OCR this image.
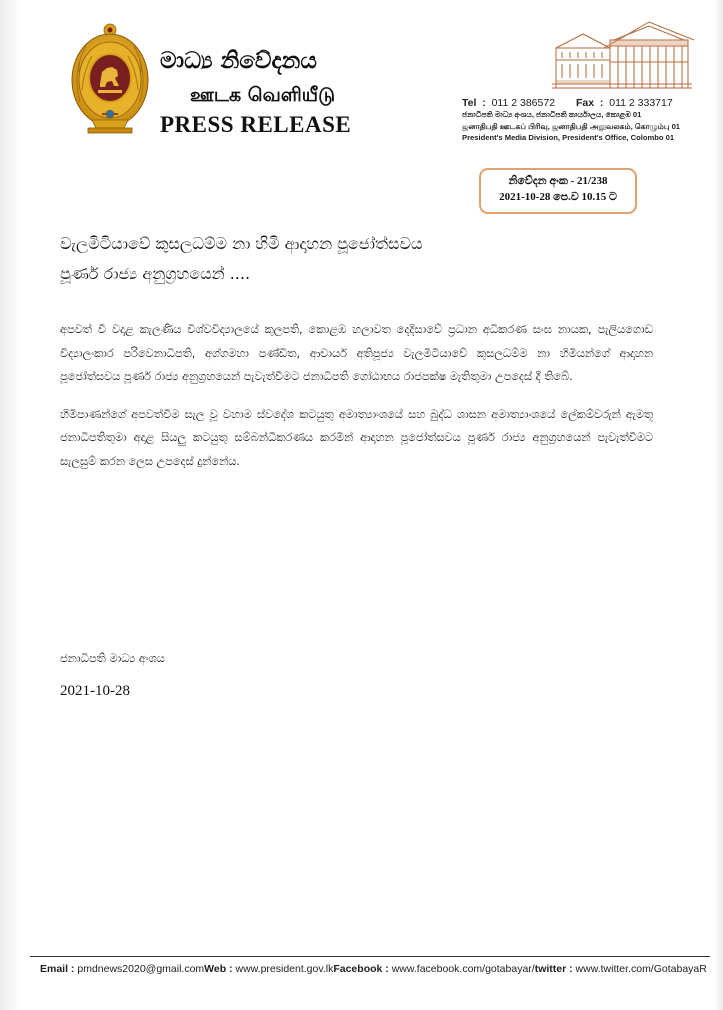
මාධ්‍ය නිවේදනය
ஊடக வெளியீடு
PRESS RELEASE
Tel  :  011 2 386572 Fax  :  011 2 333717
ජනාධිපති මාධ්‍ය අංශය, ජනාධිපති කාර්යාලය, කොළඹ 01
ஜனாதிபதி ஊடகப் பிரிவு, ஜனாதிபதி அலுவலகம், கொழும்பு 01
President's Media Division, President's Office, Colombo 01
නිවේදන අංක - 21/238
2021-10-28 පෙ.ව 10.15 ට
වැලමිටියාවේ කුසලධම්ම නා හිමි ආදාහන පූජෝත්සවය
පූර්ණ රාජ්‍ය අනුග්‍රහයෙන් ....

අපවත් වී වදාළ කැලණිය විශ්වවිද්‍යාලයේ කුලපති, කොළඹ හලාවත දෙදිසාවේ ප්‍රධාන අධිකරණ සංඝ නායක, පැලියගොඩ විද්‍යාලංකාර පරිවෙනාධිපති, අග්ගමහා පණ්ඩිත, ආචාර්ය අතිපූජ්‍ය වැලමිටියාවේ කුසලධම්ම නා හිමියන්ගේ ආදාහන පූජෝත්සවය පූර්ණ රාජ්‍ය අනුග්‍රහයෙන් පැවැත්වීමට ජනාධිපති ගෝඨාභය රාජපක්ෂ මැතිතුමා උපදෙස් දී තිබේ.

හිමිපාණන්ගේ අපවත්වීම සැල වූ වහාම ස්වදේශ කටයුතු අමාත්‍යාංශයේ සහ බුද්ධ ශාසන අමාත්‍යාංශයේ ලේකම්වරුන් ඇමතූ ජනාධිපතිතුමා අදාළ සියලු කටයුතු සම්බන්ධීකරණය කරමින් ආදාහන පූජෝත්සවය පූර්ණ රාජ්‍ය අනුග්‍රහයෙන් පැවැත්වීමට සැලසුම් කරන ලෙස උපදෙස් දුන්නේය.

ජනාධිපති මාධ්‍ය අංශය
2021-10-28
Email : pmdnews2020@gmail.com Web : www.president.gov.lk Facebook : www.facebook.com/gotabayar/ twitter : www.twitter.com/GotabayaR
